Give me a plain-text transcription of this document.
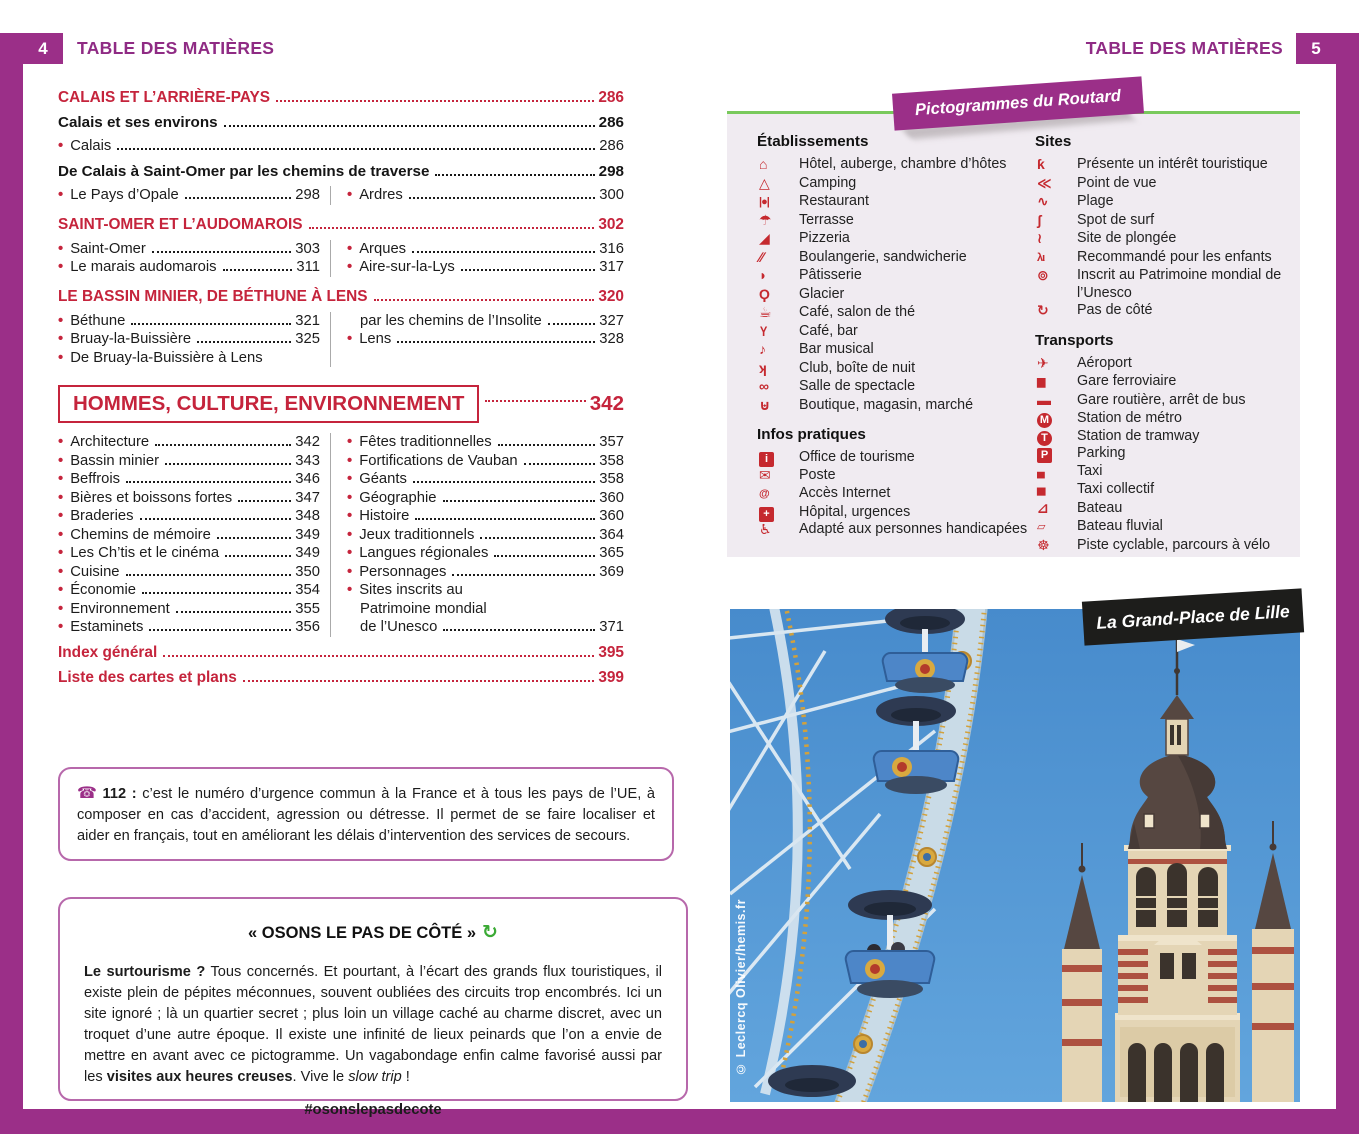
4	5
TABLE DES MATIÈRES	TABLE DES MATIÈRES
CALAIS ET L’ARRIÈRE-PAYS	286
Calais et ses environs	286
• Calais	286
De Calais à Saint-Omer par les chemins de traverse	298
• Le Pays d’Opale	298 • Ardres	300
SAINT-OMER ET L’AUDOMAROIS	302
• Saint-Omer	303
• Le marais audomarois	311
• Arques	316
• Aire-sur-la-Lys	317
LE BASSIN MINIER, DE BÉTHUNE À LENS	320
• Béthune	321
• Bruay-la-Buissière	325
• De Bruay-la-Buissière à Lens
par les chemins de l’Insolite	327
• Lens	328
HOMMES, CULTURE, ENVIRONNEMENT	342
• Architecture	342
• Bassin minier	343
• Beffrois	346
• Bières et boissons fortes	347
• Braderies	348
• Chemins de mémoire	349
• Les Ch’tis et le cinéma	349
• Cuisine	350
• Économie	354
• Environnement	355
• Estaminets	356
• Fêtes traditionnelles	357
• Fortifications de Vauban	358
• Géants	358
• Géographie	360
• Histoire	360
• Jeux traditionnels	364
• Langues régionales	365
• Personnages	369
• Sites inscrits au
Patrimoine mondial
de l’Unesco	371
Index général	395
Liste des cartes et plans	399
☎ 112 : c’est le numéro d’urgence commun à la France et à tous les pays de l’UE, à composer en cas d’accident, agression ou détresse. Il permet de se faire localiser et aider en français, tout en améliorant les délais d’intervention des services de secours.
« OSONS LE PAS DE CÔTÉ » ↻
Le surtourisme ? Tous concernés. Et pourtant, à l’écart des grands flux touristiques, il existe plein de pépites méconnues, souvent oubliées des circuits trop encombrés. Ici un site ignoré ; là un quartier secret ; plus loin un village caché au charme discret, avec un troquet d’une autre époque. Il existe une infinité de lieux peinards que l’on a envie de mettre en avant avec ce pictogramme. Un vagabondage enfin calme favorisé aussi par les visites aux heures creuses. Vive le slow trip !
#osonslepasdecote
Établissements
⌂	Hôtel, auberge, chambre d’hôtes
△	Camping
|●|	Restaurant
☂	Terrasse
◢	Pizzeria
∕∕	Boulangerie, sandwicherie
◗	Pâtisserie
Ϙ	Glacier
☕	Café, salon de thé
Y	Café, bar
♪	Bar musical
ʞ	Club, boîte de nuit
∞	Salle de spectacle
⊎	Boutique, magasin, marché
Infos pratiques
i	Office de tourisme
✉	Poste
@	Accès Internet
+	Hôpital, urgences
♿	Adapté aux personnes handicapées
Sites
ƙ	Présente un intérêt touristique
≪	Point de vue
∿	Plage
ʃ	Spot de surf
≀	Site de plongée
λι	Recommandé pour les enfants
⊚	Inscrit au Patrimoine mondial de l’Unesco
↻	Pas de côté
Transports
✈	Aéroport
▆	Gare ferroviaire
▬	Gare routière, arrêt de bus
M	Station de métro
T	Station de tramway
P	Parking
▄	Taxi
▅	Taxi collectif
⊿	Bateau
▱	Bateau fluvial
☸	Piste cyclable, parcours à vélo
Pictogrammes du Routard
© Leclercq Olivier/hemis.fr
La Grand-Place de Lille
